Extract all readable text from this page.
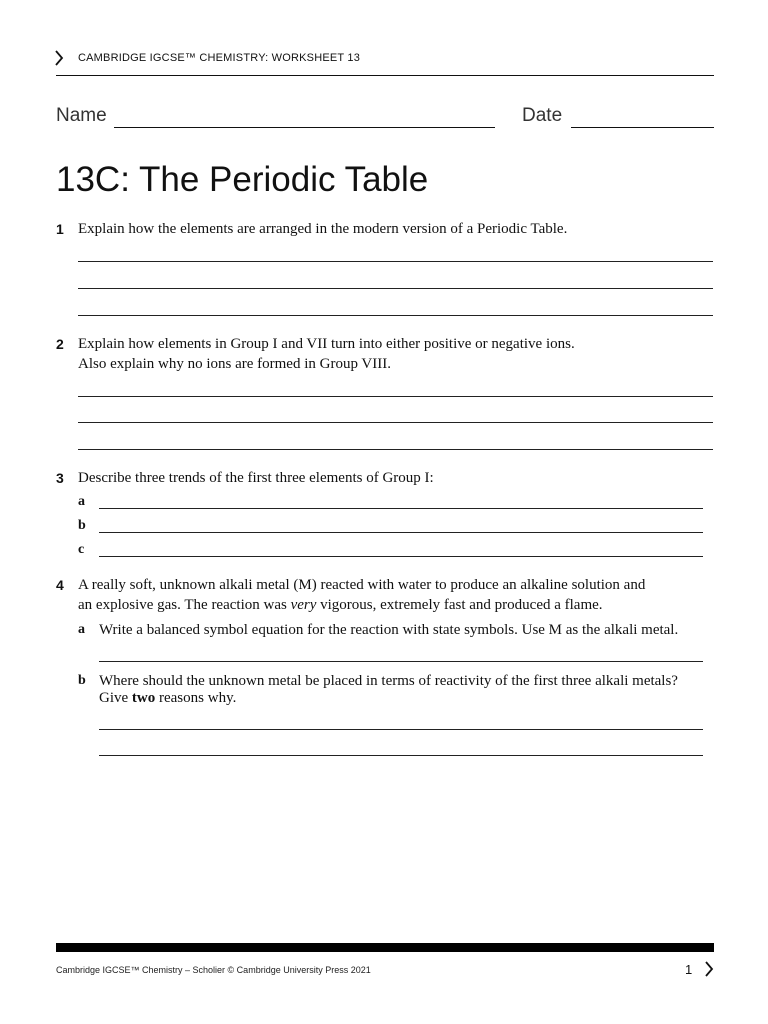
CAMBRIDGE IGCSE™ CHEMISTRY: WORKSHEET 13
Name	Date
13C: The Periodic Table
1 Explain how the elements are arranged in the modern version of a Periodic Table.
2 Explain how elements in Group I and VII turn into either positive or negative ions.
Also explain why no ions are formed in Group VIII.
3 Describe three trends of the first three elements of Group I:
a
b
c
4 A really soft, unknown alkali metal (M) reacted with water to produce an alkaline solution and
an explosive gas. The reaction was very vigorous, extremely fast and produced a flame.
a Write a balanced symbol equation for the reaction with state symbols. Use M as the alkali metal.
b Where should the unknown metal be placed in terms of reactivity of the first three alkali metals?
Give two reasons why.
Cambridge IGCSE™ Chemistry – Scholier © Cambridge University Press 2021	1
